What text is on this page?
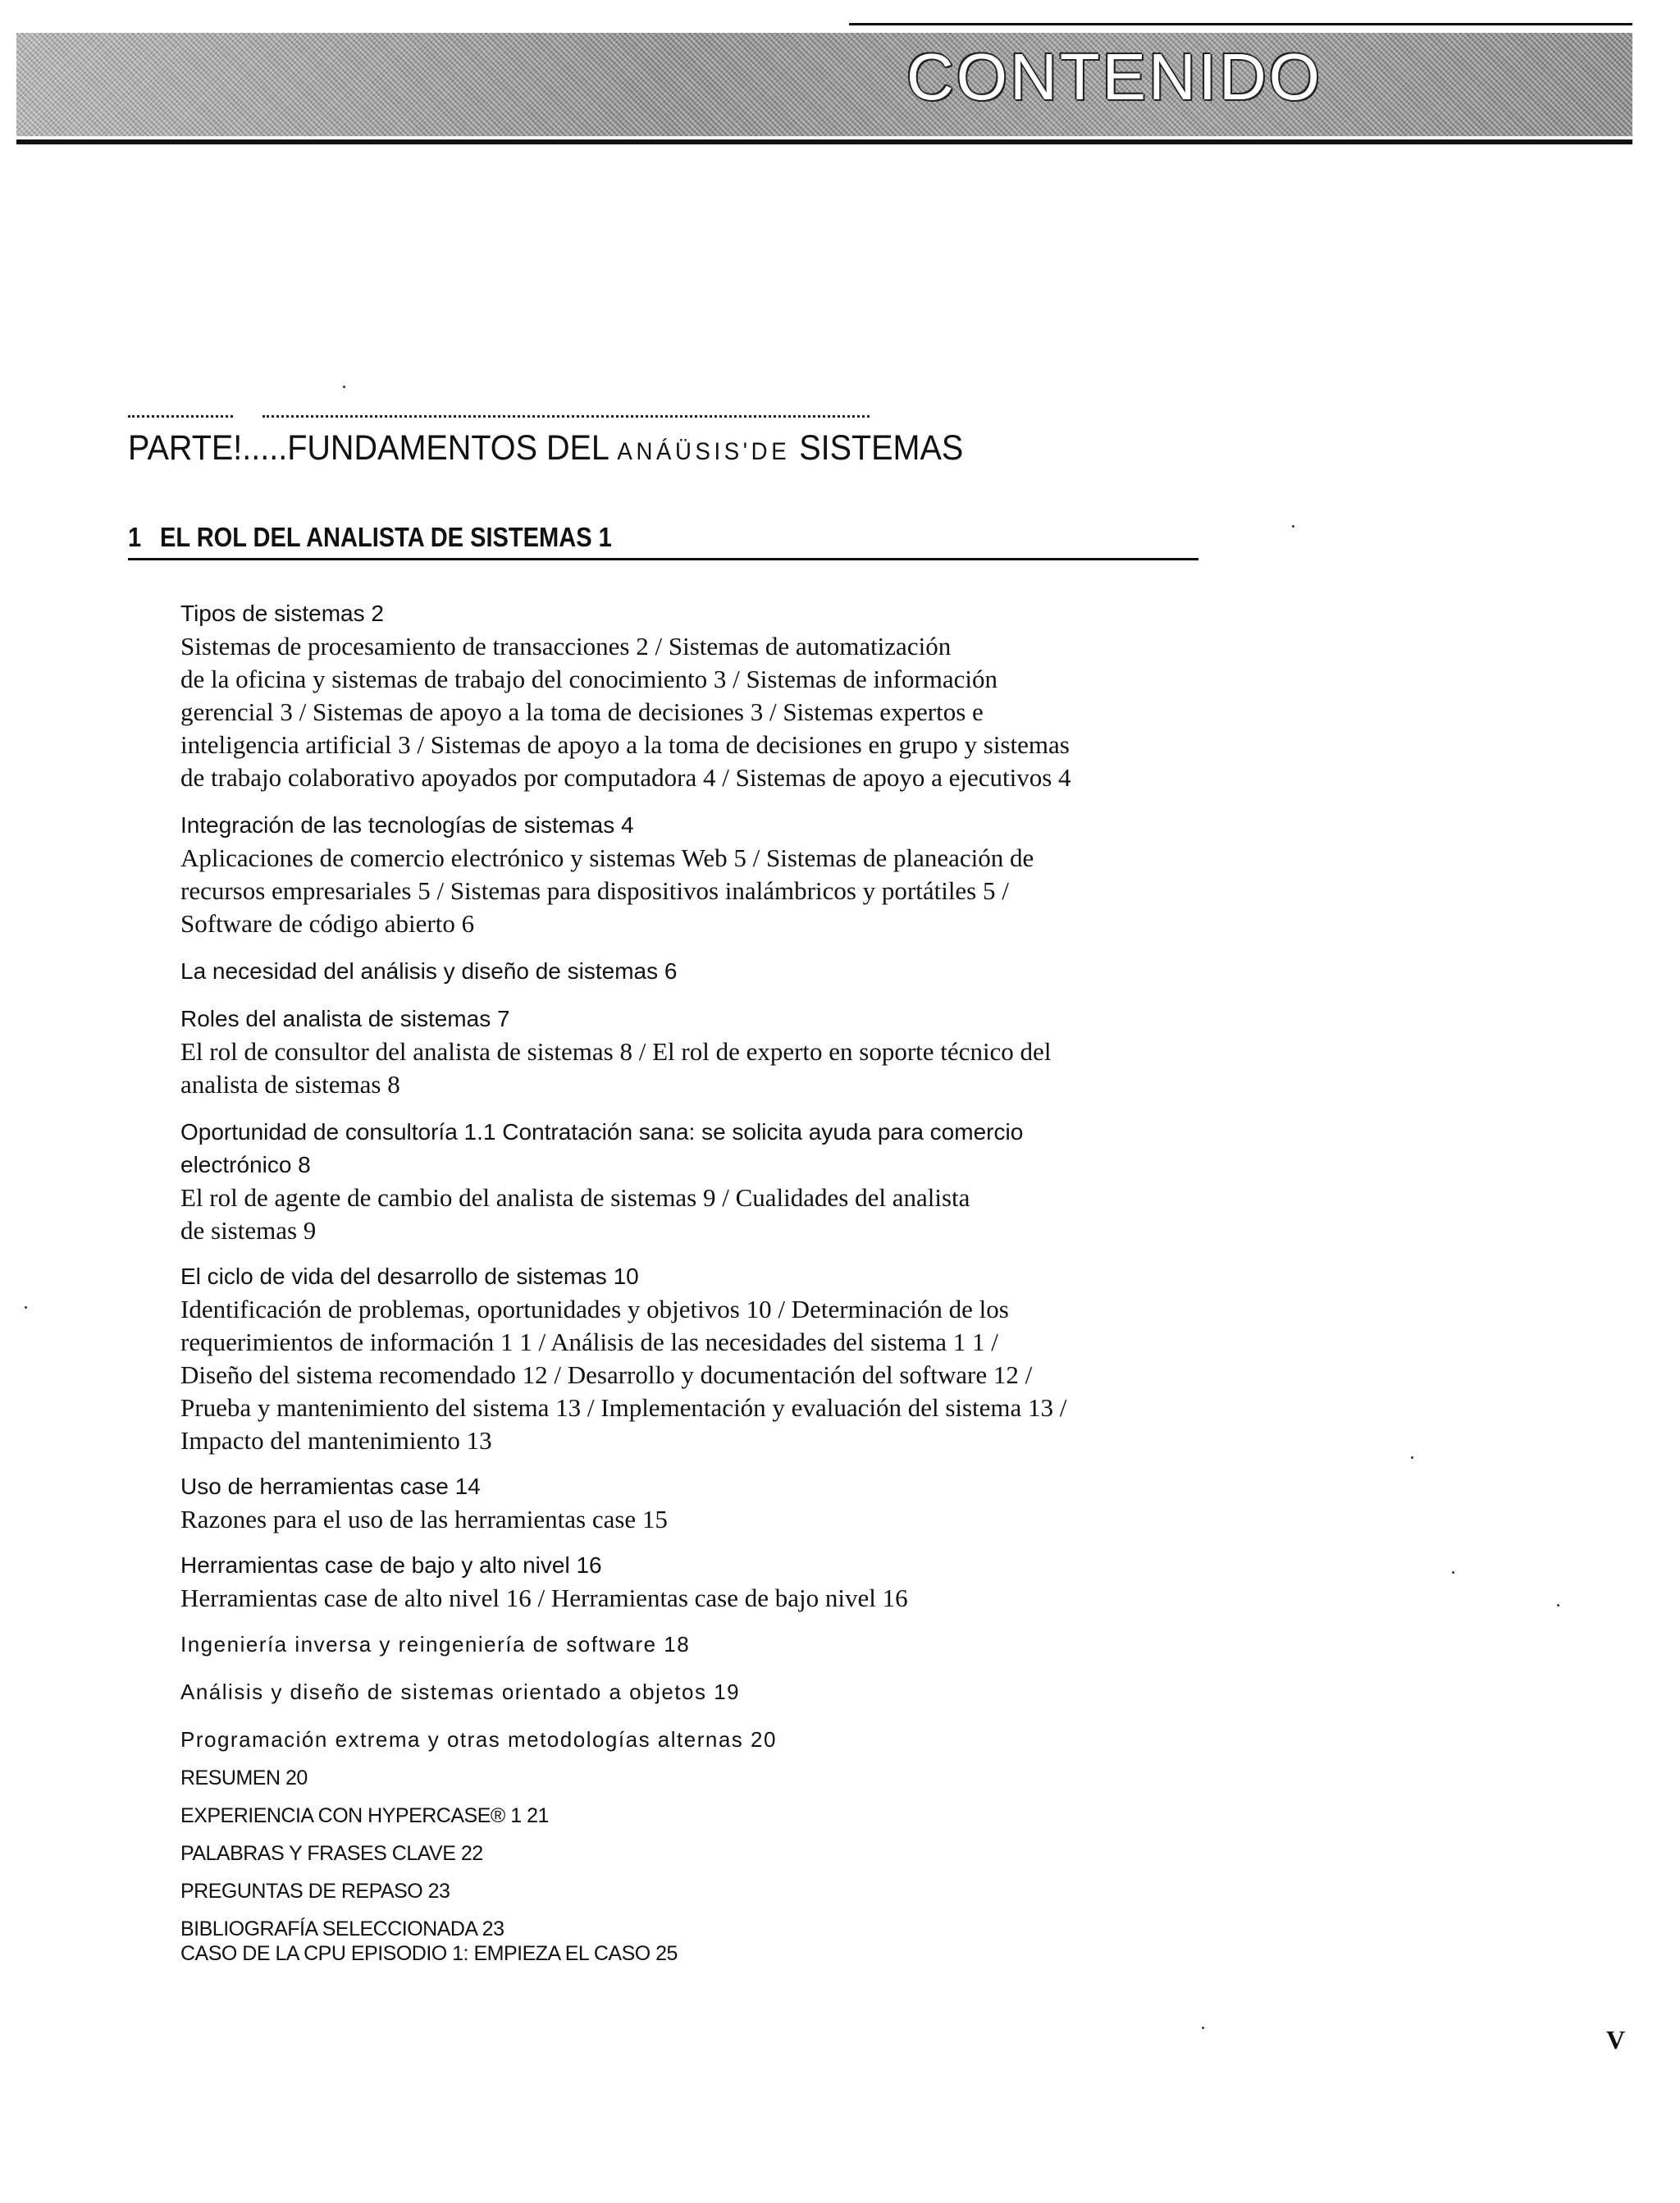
CONTENIDO
PARTE!.....FUNDAMENTOS DEL ANÁÜSIS'DE SISTEMAS
1 EL ROL DEL ANALISTA DE SISTEMAS 1
Tipos de sistemas 2
Sistemas de procesamiento de transacciones 2 / Sistemas de automatización
de la oficina y sistemas de trabajo del conocimiento 3 / Sistemas de información
gerencial 3 / Sistemas de apoyo a la toma de decisiones 3 / Sistemas expertos e
inteligencia artificial 3 / Sistemas de apoyo a la toma de decisiones en grupo y sistemas
de trabajo colaborativo apoyados por computadora 4 / Sistemas de apoyo a ejecutivos 4
Integración de las tecnologías de sistemas 4
Aplicaciones de comercio electrónico y sistemas Web 5 / Sistemas de planeación de
recursos empresariales 5 / Sistemas para dispositivos inalámbricos y portátiles 5 /
Software de código abierto 6
La necesidad del análisis y diseño de sistemas 6
Roles del analista de sistemas 7
El rol de consultor del analista de sistemas 8 / El rol de experto en soporte técnico del
analista de sistemas 8
Oportunidad de consultoría 1.1 Contratación sana: se solicita ayuda para comercio
electrónico 8
El rol de agente de cambio del analista de sistemas 9 / Cualidades del analista
de sistemas 9
El ciclo de vida del desarrollo de sistemas 10
Identificación de problemas, oportunidades y objetivos 10 / Determinación de los
requerimientos de información 1 1 / Análisis de las necesidades del sistema 1 1 /
Diseño del sistema recomendado 12 / Desarrollo y documentación del software 12 /
Prueba y mantenimiento del sistema 13 / Implementación y evaluación del sistema 13 /
Impacto del mantenimiento 13
Uso de herramientas case 14
Razones para el uso de las herramientas case 15
Herramientas case de bajo y alto nivel 16
Herramientas case de alto nivel 16 / Herramientas case de bajo nivel 16
Ingeniería inversa y reingeniería de software 18
Análisis y diseño de sistemas orientado a objetos 19
Programación extrema y otras metodologías alternas 20
RESUMEN 20
EXPERIENCIA CON HYPERCASE® 1 21
PALABRAS Y FRASES CLAVE 22
PREGUNTAS DE REPASO 23
BIBLIOGRAFÍA SELECCIONADA 23
CASO DE LA CPU EPISODIO 1: EMPIEZA EL CASO 25
V
